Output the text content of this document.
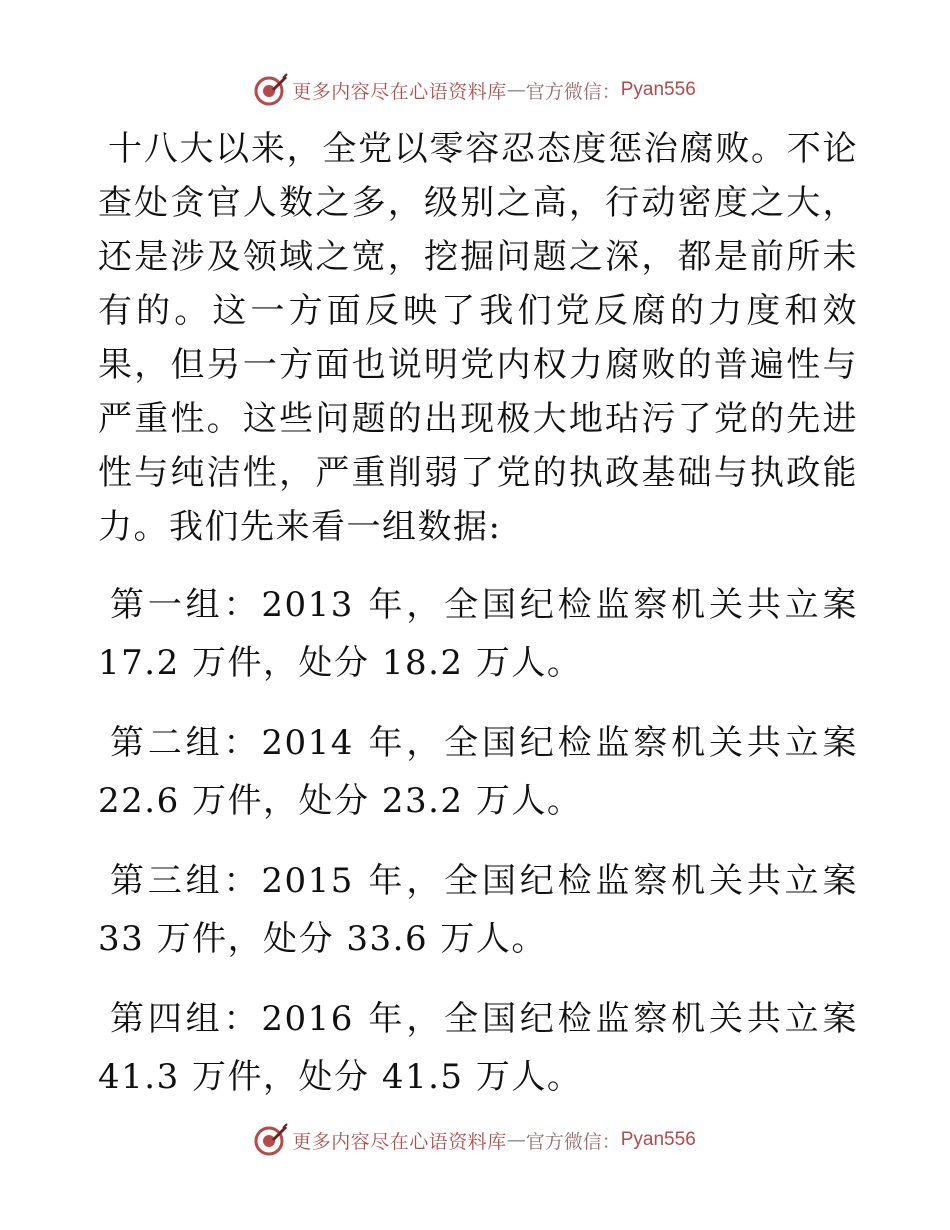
更多内容尽在心语资料库 — 官方微信： Pyan556

十八大以来，全党以零容忍态度惩治腐败。不论查处贪官人数之多，级别之高，行动密度之大，还是涉及领域之宽，挖掘问题之深，都是前所未有的。这一方面反映了我们党反腐的力度和效果，但另一方面也说明党内权力腐败的普遍性与严重性。这些问题的出现极大地玷污了党的先进性与纯洁性，严重削弱了党的执政基础与执政能力。我们先来看一组数据:

第一组：2013 年，全国纪检监察机关共立案 17.2 万件，处分 18.2 万人。

第二组：2014 年，全国纪检监察机关共立案 22.6 万件，处分 23.2 万人。

第三组：2015 年，全国纪检监察机关共立案 33 万件，处分 33.6 万人。

第四组：2016 年，全国纪检监察机关共立案 41.3 万件，处分 41.5 万人。

更多内容尽在心语资料库 — 官方微信： Pyan556
